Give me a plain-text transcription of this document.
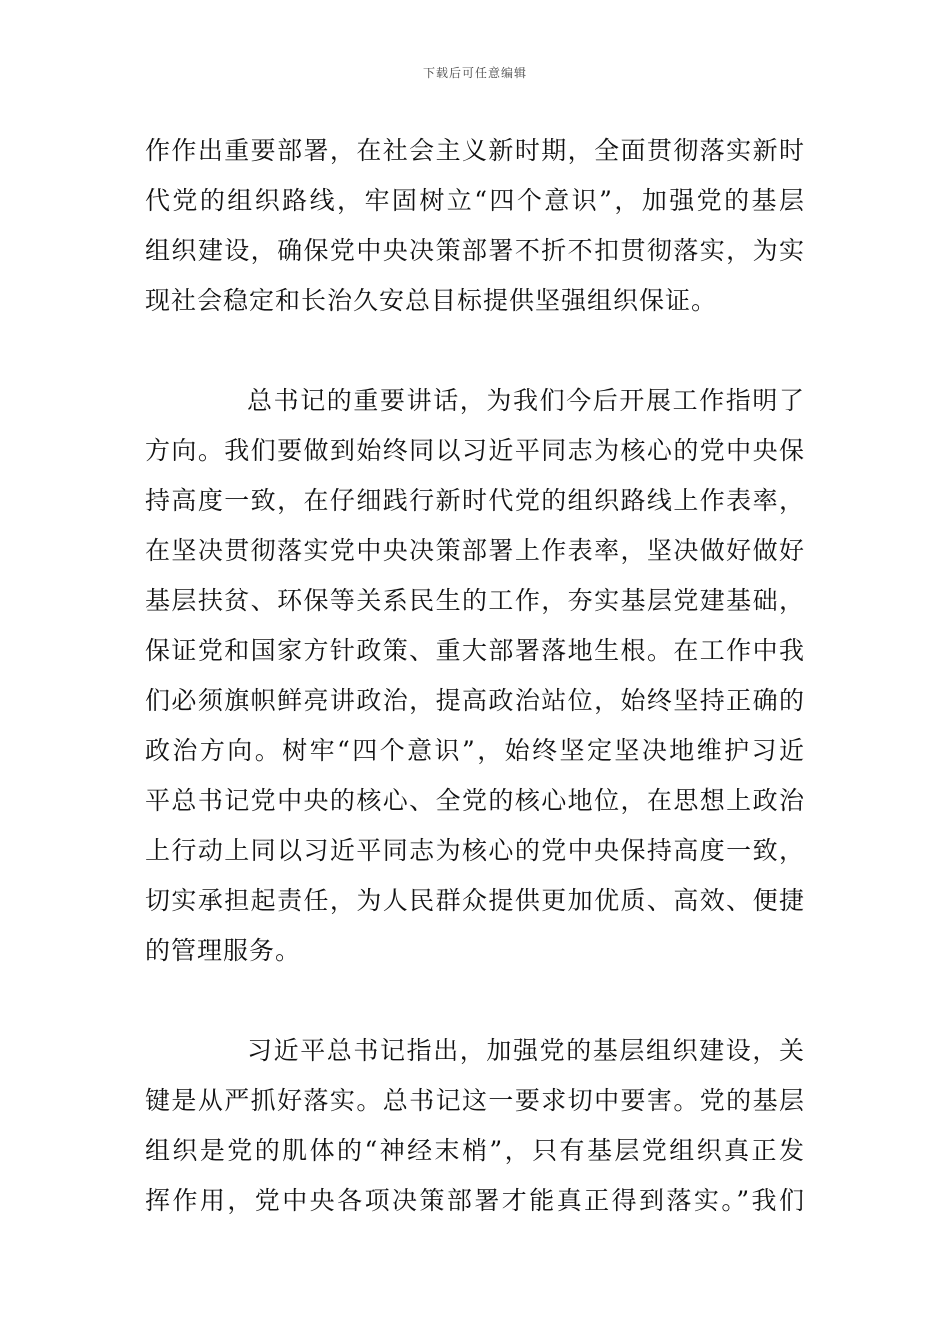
下载后可任意编辑
作作出重要部署，在社会主义新时期，全面贯彻落实新时
代党的组织路线，牢固树立“四个意识”，加强党的基层
组织建设，确保党中央决策部署不折不扣贯彻落实，为实
现社会稳定和长治久安总目标提供坚强组织保证。
总书记的重要讲话，为我们今后开展工作指明了
方向。我们要做到始终同以习近平同志为核心的党中央保
持高度一致，在仔细践行新时代党的组织路线上作表率，
在坚决贯彻落实党中央决策部署上作表率，坚决做好做好
基层扶贫、环保等关系民生的工作，夯实基层党建基础，
保证党和国家方针政策、重大部署落地生根。在工作中我
们必须旗帜鲜亮讲政治，提高政治站位，始终坚持正确的
政治方向。树牢“四个意识”，始终坚定坚决地维护习近
平总书记党中央的核心、全党的核心地位，在思想上政治
上行动上同以习近平同志为核心的党中央保持高度一致，
切实承担起责任，为人民群众提供更加优质、高效、便捷
的管理服务。
习近平总书记指出，加强党的基层组织建设，关
键是从严抓好落实。总书记这一要求切中要害。党的基层
组织是党的肌体的“神经末梢”，只有基层党组织真正发
挥作用，党中央各项决策部署才能真正得到落实。”我们
